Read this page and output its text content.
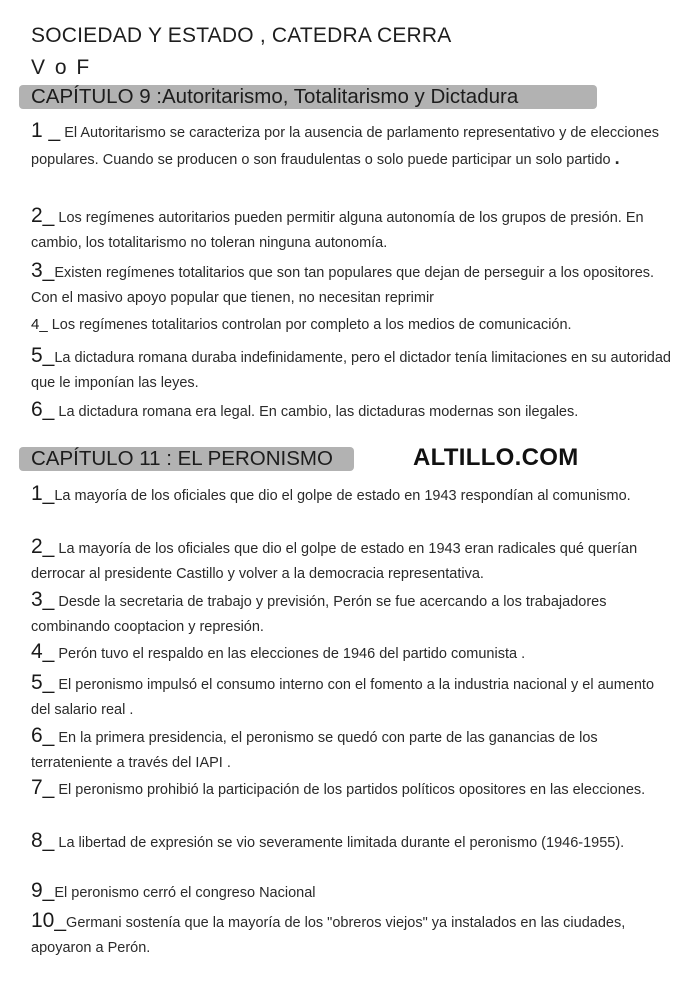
SOCIEDAD Y ESTADO , CATEDRA CERRA
V o F
CAPÍTULO 9 :Autoritarismo, Totalitarismo y Dictadura
1 _ El Autoritarismo se caracteriza por la ausencia de parlamento representativo y de elecciones populares. Cuando se producen o son fraudulentas o solo puede participar un solo partido .
2_ Los regímenes autoritarios pueden permitir alguna autonomía de los grupos de presión. En cambio, los totalitarismo no toleran ninguna autonomía.
3_Existen regímenes totalitarios que son tan populares que dejan de perseguir a los opositores. Con el masivo apoyo popular que tienen, no necesitan reprimir
4_ Los regímenes totalitarios controlan por completo a los medios de comunicación.
5_La dictadura romana duraba indefinidamente, pero el dictador tenía limitaciones en su autoridad que le imponían las leyes.
6_ La dictadura romana era legal. En cambio, las dictaduras modernas son ilegales.
CAPÍTULO 11 : EL PERONISMO	ALTILLO.COM
1_La mayoría de los oficiales que dio el golpe de estado en 1943 respondían al comunismo.
2_ La mayoría de los oficiales que dio el golpe de estado en 1943 eran radicales qué querían derrocar al presidente Castillo y volver a la democracia representativa.
3_ Desde la secretaria de trabajo y previsión, Perón se fue acercando a los trabajadores combinando cooptacion y represión.
4_ Perón tuvo el respaldo en las elecciones de 1946 del partido comunista .
5_ El peronismo impulsó el consumo interno con el fomento a la industria nacional y el aumento del salario real .
6_ En la primera presidencia, el peronismo se quedó con parte de las ganancias de los terrateniente a través del IAPI .
7_ El peronismo prohibió la participación de los partidos políticos opositores en las elecciones.
8_ La libertad de expresión se vio severamente limitada durante el peronismo (1946-1955).
9_El peronismo cerró el congreso Nacional
10_Germani sostenía que la mayoría de los "obreros viejos" ya instalados en las ciudades, apoyaron a Perón.
